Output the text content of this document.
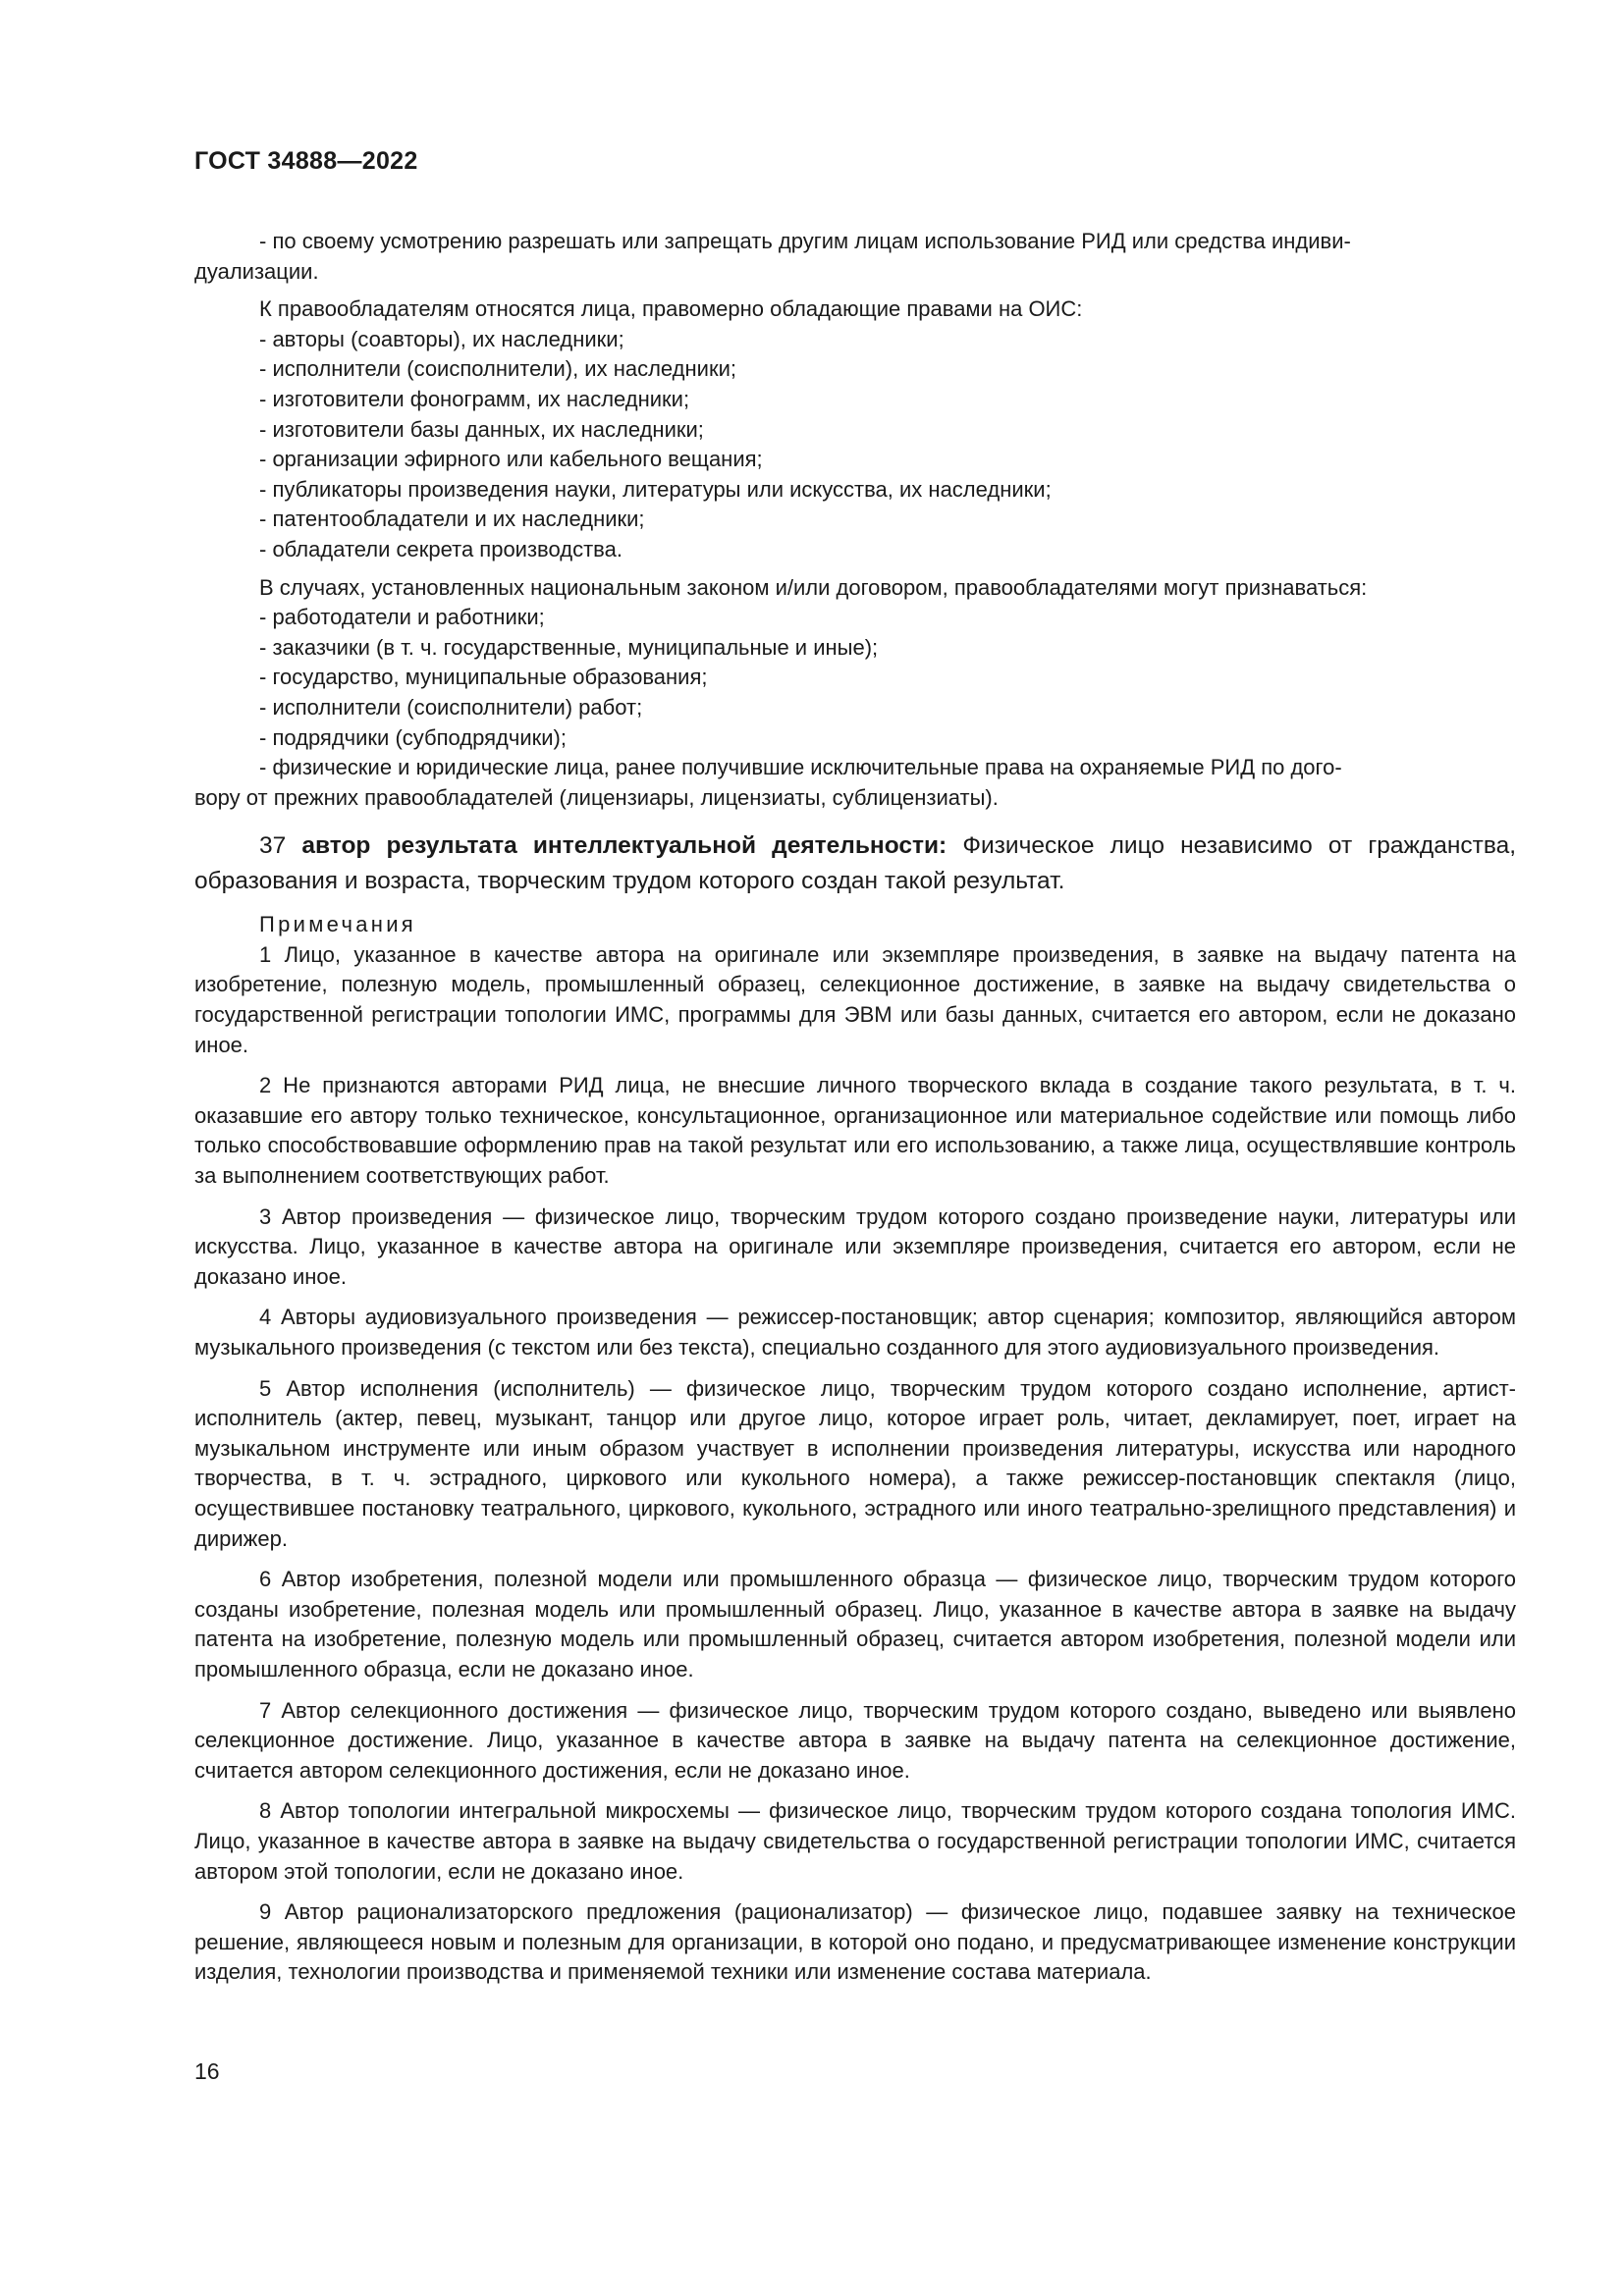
ГОСТ 34888—2022

- по своему усмотрению разрешать или запрещать другим лицам использование РИД или средства индиви-

дуализации.

К правообладателям относятся лица, правомерно обладающие правами на ОИС:

- авторы (соавторы), их наследники;

- исполнители (соисполнители), их наследники;

- изготовители фонограмм, их наследники;

- изготовители базы данных, их наследники;

- организации эфирного или кабельного вещания;

- публикаторы произведения науки, литературы или искусства, их наследники;

- патентообладатели и их наследники;

- обладатели секрета производства.

В случаях, установленных национальным законом и/или договором, правообладателями могут признаваться:

- работодатели и работники;

- заказчики (в т. ч. государственные, муниципальные и иные);

- государство, муниципальные образования;

- исполнители (соисполнители) работ;

- подрядчики (субподрядчики);

- физические и юридические лица, ранее получившие исключительные права на охраняемые РИД по дого-

вору от прежних правообладателей (лицензиары, лицензиаты, сублицензиаты).

37 автор результата интеллектуальной деятельности: Физическое лицо независимо от гражданства, образования и возраста, творческим трудом которого создан такой результат.

Примечания

1 Лицо, указанное в качестве автора на оригинале или экземпляре произведения, в заявке на выдачу патента на изобретение, полезную модель, промышленный образец, селекционное достижение, в заявке на выдачу свидетельства о государственной регистрации топологии ИМС, программы для ЭВМ или базы данных, считается его автором, если не доказано иное.

2 Не признаются авторами РИД лица, не внесшие личного творческого вклада в создание такого результата, в т. ч. оказавшие его автору только техническое, консультационное, организационное или материальное содействие или помощь либо только способствовавшие оформлению прав на такой результат или его использованию, а также лица, осуществлявшие контроль за выполнением соответствующих работ.

3 Автор произведения — физическое лицо, творческим трудом которого создано произведение науки, литературы или искусства. Лицо, указанное в качестве автора на оригинале или экземпляре произведения, считается его автором, если не доказано иное.

4 Авторы аудиовизуального произведения — режиссер-постановщик; автор сценария; композитор, являющийся автором музыкального произведения (с текстом или без текста), специально созданного для этого аудиовизуального произведения.

5 Автор исполнения (исполнитель) — физическое лицо, творческим трудом которого создано исполнение, артист-исполнитель (актер, певец, музыкант, танцор или другое лицо, которое играет роль, читает, декламирует, поет, играет на музыкальном инструменте или иным образом участвует в исполнении произведения литературы, искусства или народного творчества, в т. ч. эстрадного, циркового или кукольного номера), а также режиссер-постановщик спектакля (лицо, осуществившее постановку театрального, циркового, кукольного, эстрадного или иного театрально-зрелищного представления) и дирижер.

6 Автор изобретения, полезной модели или промышленного образца — физическое лицо, творческим трудом которого созданы изобретение, полезная модель или промышленный образец. Лицо, указанное в качестве автора в заявке на выдачу патента на изобретение, полезную модель или промышленный образец, считается автором изобретения, полезной модели или промышленного образца, если не доказано иное.

7 Автор селекционного достижения — физическое лицо, творческим трудом которого создано, выведено или выявлено селекционное достижение. Лицо, указанное в качестве автора в заявке на выдачу патента на селекционное достижение, считается автором селекционного достижения, если не доказано иное.

8 Автор топологии интегральной микросхемы — физическое лицо, творческим трудом которого создана топология ИМС. Лицо, указанное в качестве автора в заявке на выдачу свидетельства о государственной регистрации топологии ИМС, считается автором этой топологии, если не доказано иное.

9 Автор рационализаторского предложения (рационализатор) — физическое лицо, подавшее заявку на техническое решение, являющееся новым и полезным для организации, в которой оно подано, и предусматривающее изменение конструкции изделия, технологии производства и применяемой техники или изменение состава материала.

16
